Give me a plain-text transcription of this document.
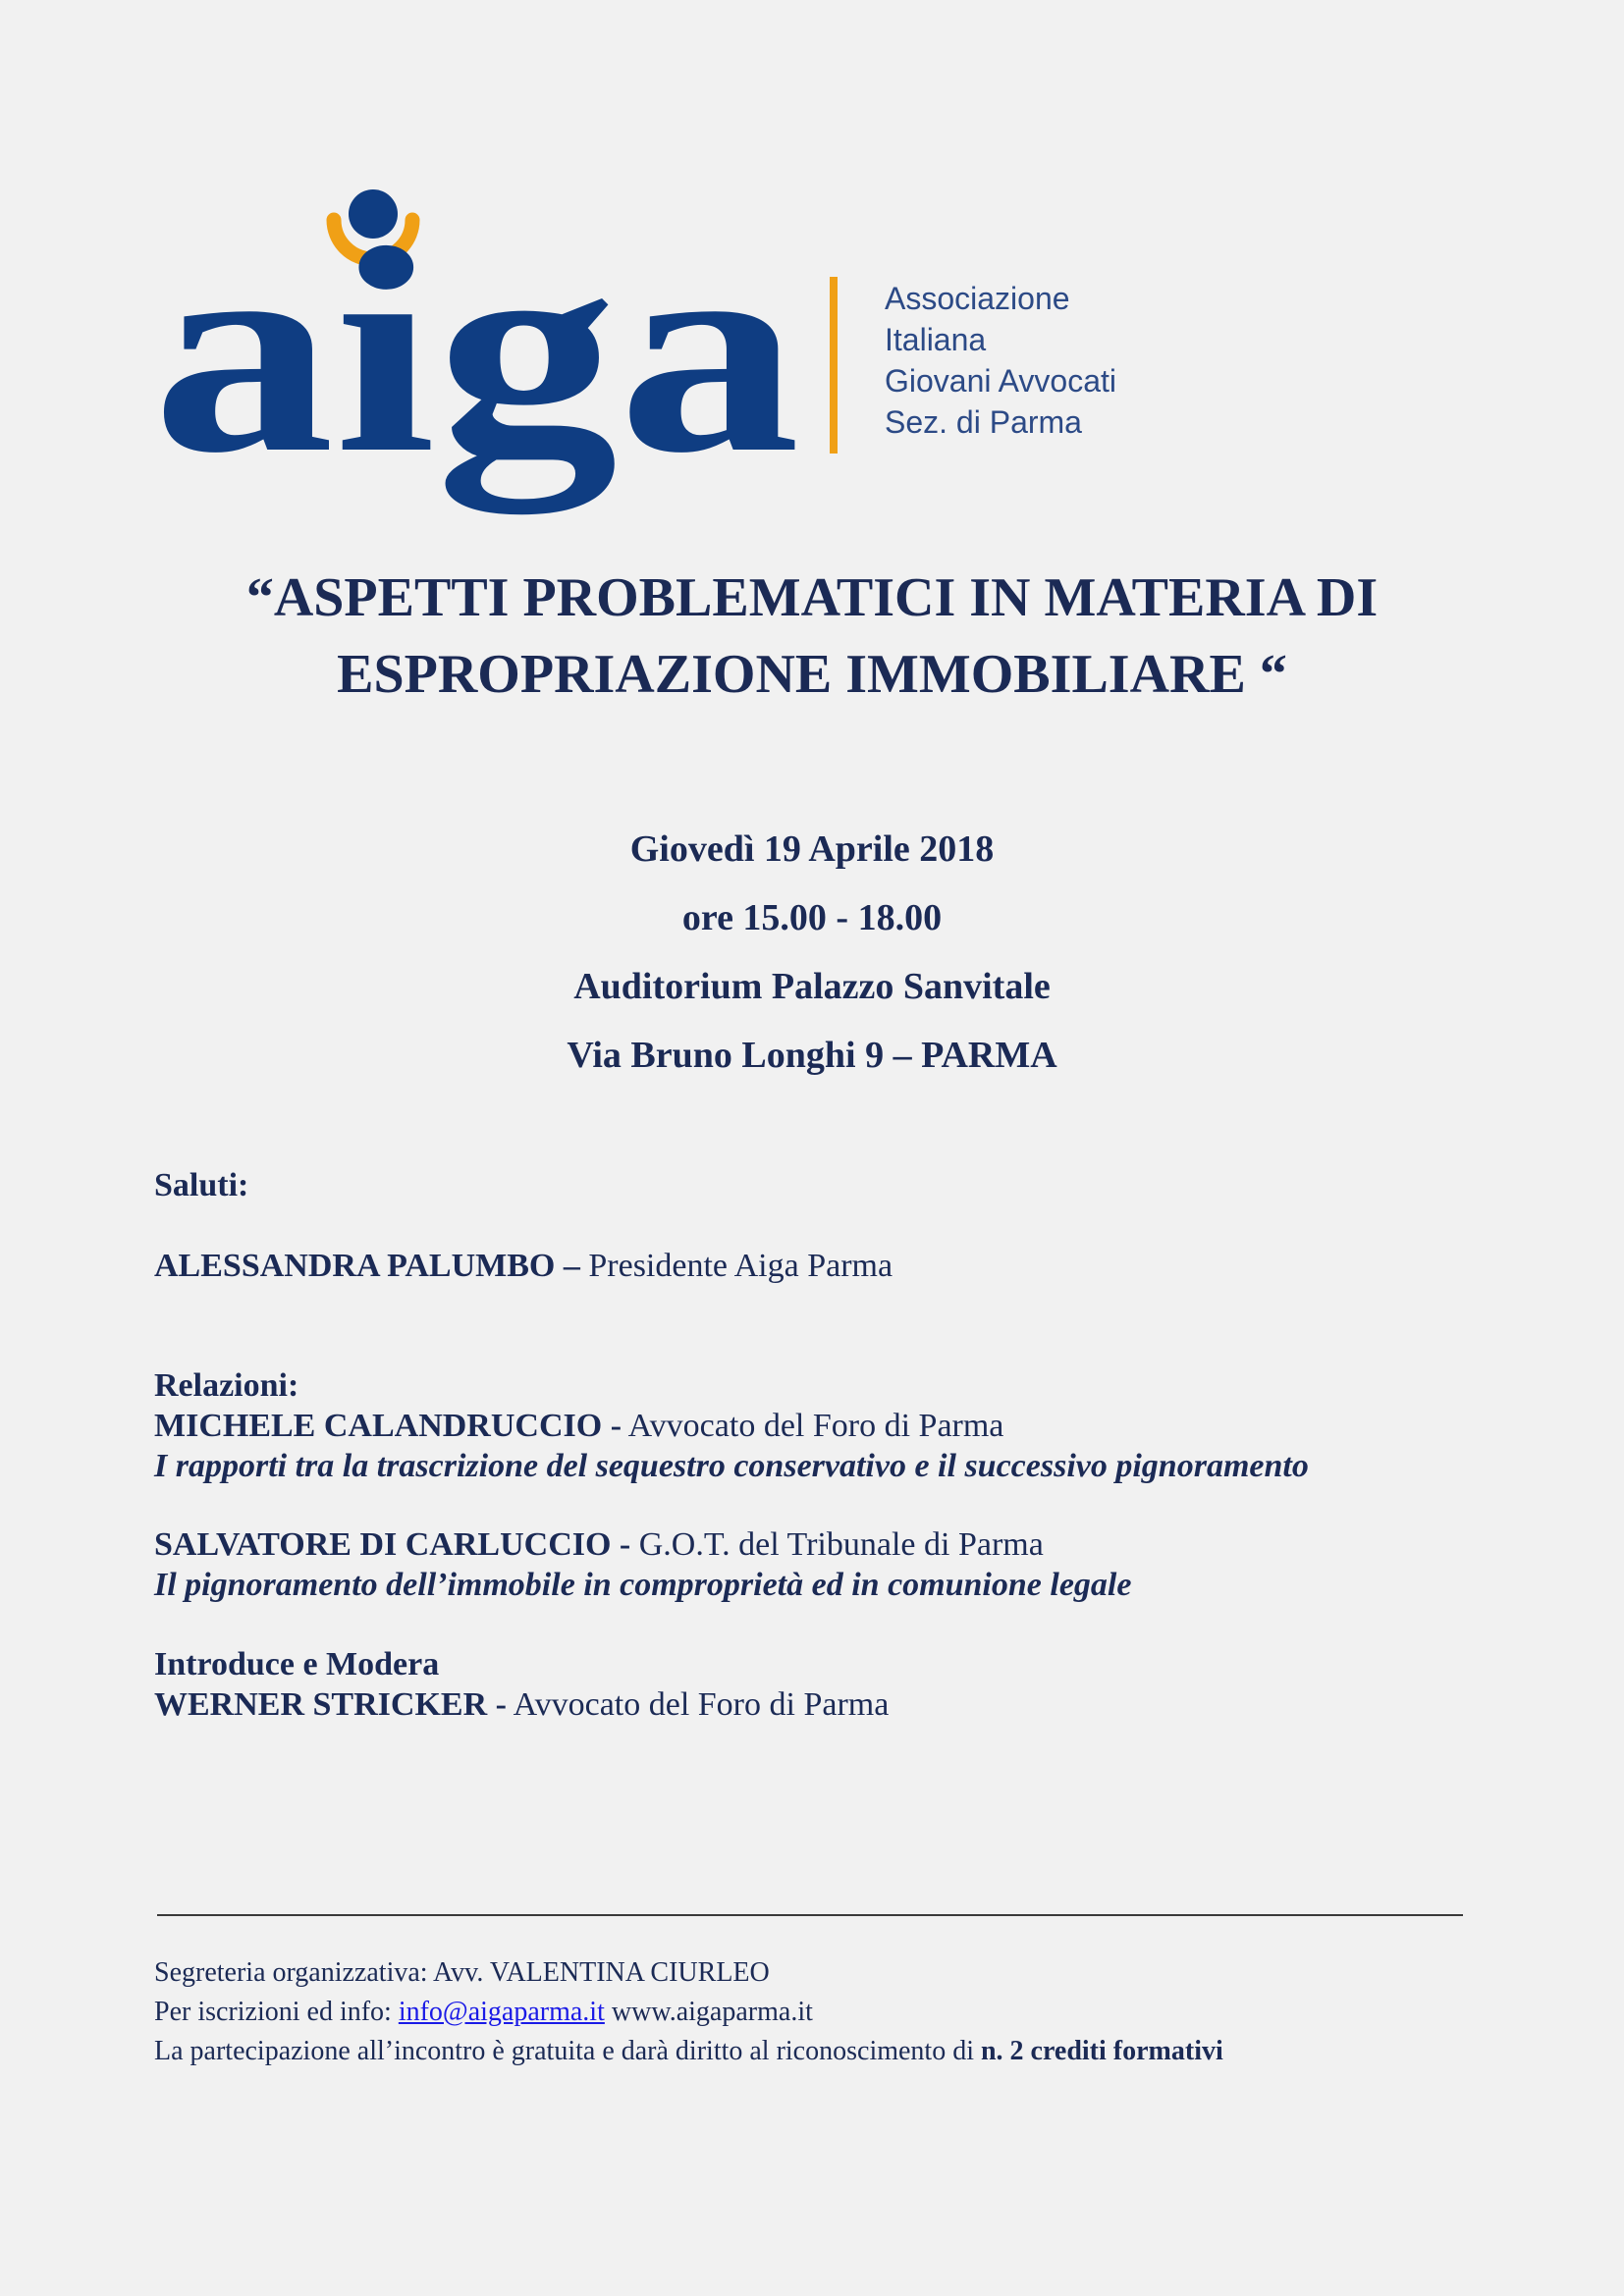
aiga	Associazione
Italiana
Giovani Avvocati
Sez. di Parma
“ASPETTI PROBLEMATICI IN MATERIA DI
ESPROPRIAZIONE IMMOBILIARE “
Giovedì 19 Aprile 2018
ore 15.00 - 18.00
Auditorium Palazzo Sanvitale
Via Bruno Longhi 9 – PARMA
Saluti:
ALESSANDRA PALUMBO – Presidente Aiga Parma
Relazioni:
MICHELE CALANDRUCCIO - Avvocato del Foro di Parma
I rapporti tra la trascrizione del sequestro conservativo e il successivo pignoramento
SALVATORE DI CARLUCCIO - G.O.T. del Tribunale di Parma
Il pignoramento dell’immobile in comproprietà ed in comunione legale
Introduce e Modera
WERNER STRICKER - Avvocato del Foro di Parma
Segreteria organizzativa: Avv. VALENTINA CIURLEO
Per iscrizioni ed info: info@aigaparma.it www.aigaparma.it
La partecipazione all’incontro è gratuita e darà diritto al riconoscimento di n. 2 crediti formativi
